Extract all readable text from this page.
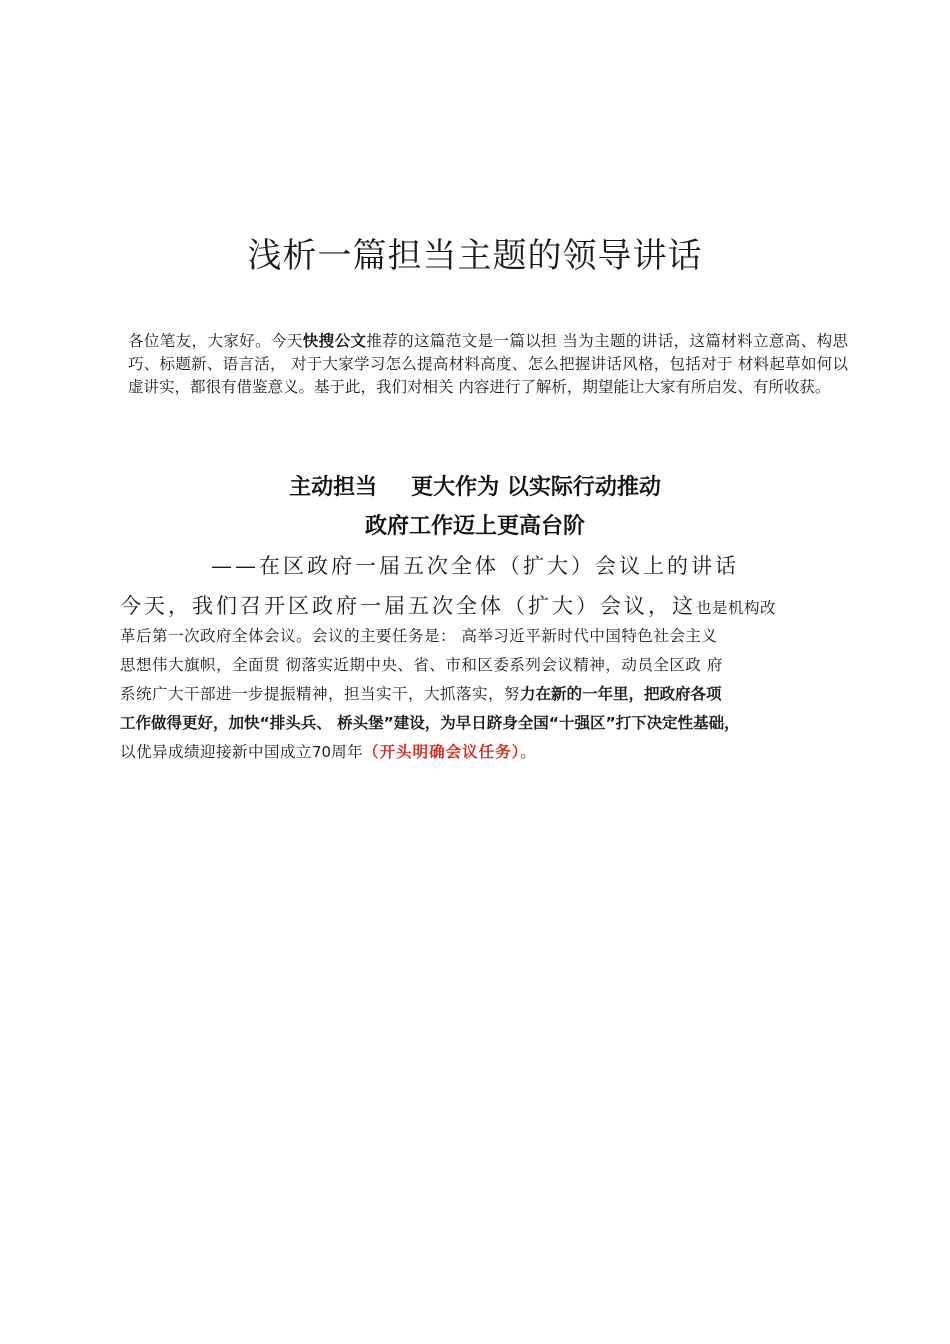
浅析一篇担当主题的领导讲话
各位笔友，大家好。今天快搜公文推荐的这篇范文是一篇以担 当为主题的讲话，这篇材料立意高、构思巧、标题新、语言活， 对于大家学习怎么提高材料高度、怎么把握讲话风格，包括对于 材料起草如何以虚讲实，都很有借鉴意义。基于此，我们对相关 内容进行了解析，期望能让大家有所启发、有所收获。
主动担当 更大作为 以实际行动推动
政府工作迈上更高台阶
——在区政府一届五次全体（扩大）会议上的讲话
今天，我们召开区政府一届五次全体（扩大）会议，这也是机构改
革后第一次政府全体会议。会议的主要任务是： 高举习近平新时代中国特色社会主义
思想伟大旗帜，全面贯 彻落实近期中央、省、市和区委系列会议精神，动员全区政 府
系统广大干部进一步提振精神，担当实干，大抓落实，努力在新的一年里，把政府各项
工作做得更好，加快“排头兵、 桥头堡”建设，为早日跻身全国“十强区”打下决定性基础，
以优异成绩迎接新中国成立70周年（开头明确会议任务）。
